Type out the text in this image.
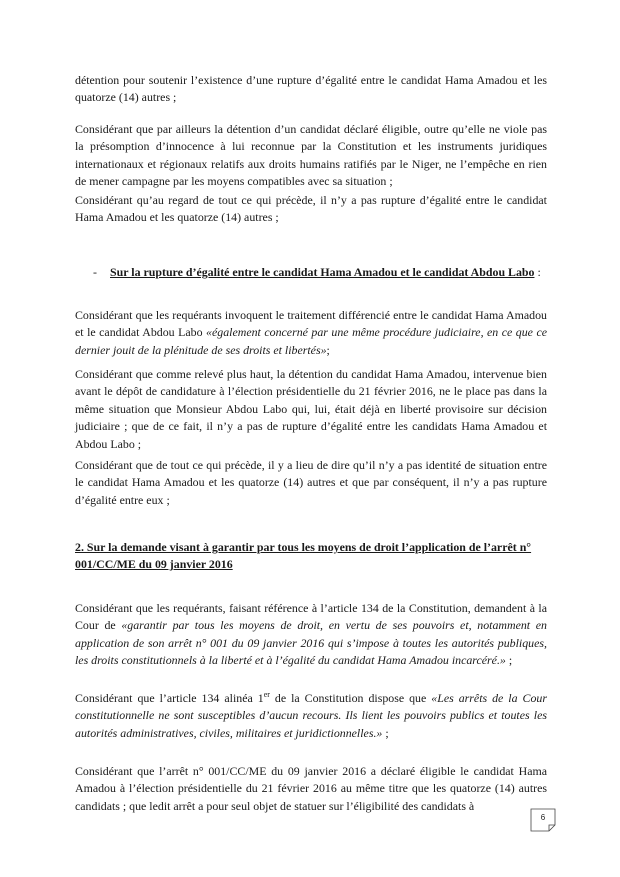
détention pour soutenir l’existence d’une rupture d’égalité entre le candidat Hama Amadou et les quatorze (14) autres ;

Considérant que par ailleurs la détention d’un candidat déclaré éligible, outre qu’elle ne viole pas la présomption d’innocence à lui reconnue par la Constitution et les instruments juridiques internationaux et régionaux relatifs aux droits humains ratifiés par le Niger, ne l’empêche en rien de mener campagne par les moyens compatibles avec sa situation ;

Considérant qu’au regard de tout ce qui précède, il n’y a pas rupture d’égalité entre le candidat Hama Amadou et les quatorze (14) autres ;

- Sur la rupture d’égalité entre le candidat Hama Amadou et le candidat Abdou Labo :

Considérant que les requérants invoquent le traitement différencié entre le candidat Hama Amadou et le candidat Abdou Labo «également concerné par une même procédure judiciaire, en ce que ce dernier jouit de la plénitude de ses droits et libertés»;

Considérant que comme relevé plus haut, la détention du candidat Hama Amadou, intervenue bien avant le dépôt de candidature à l’élection présidentielle du 21 février 2016, ne le place pas dans la même situation que Monsieur Abdou Labo qui, lui, était déjà en liberté provisoire sur décision judiciaire ; que de ce fait, il n’y a pas de rupture d’égalité entre les candidats Hama Amadou et Abdou Labo ;

Considérant que de tout ce qui précède, il y a lieu de dire qu’il n’y a pas identité de situation entre le candidat Hama Amadou et les quatorze (14) autres et que par conséquent, il n’y a pas rupture d’égalité entre eux ;

2. Sur la demande visant à garantir par tous les moyens de droit l’application de l’arrêt n° 001/CC/ME du 09 janvier 2016

Considérant que les requérants, faisant référence à l’article 134 de la Constitution, demandent à la Cour de «garantir par tous les moyens de droit, en vertu de ses pouvoirs et, notamment en application de son arrêt n° 001 du 09 janvier 2016 qui s’impose à toutes les autorités publiques, les droits constitutionnels à la liberté et à l’égalité du candidat Hama Amadou incarcéré.» ;

Considérant que l’article 134 alinéa 1er de la Constitution dispose que «Les arrêts de la Cour constitutionnelle ne sont susceptibles d’aucun recours. Ils lient les pouvoirs publics et toutes les autorités administratives, civiles, militaires et juridictionnelles.» ;

Considérant que l’arrêt n° 001/CC/ME du 09 janvier 2016 a déclaré éligible le candidat Hama Amadou à l’élection présidentielle du 21 février 2016 au même titre que les quatorze (14) autres candidats ; que ledit arrêt a pour seul objet de statuer sur l’éligibilité des candidats à

6
